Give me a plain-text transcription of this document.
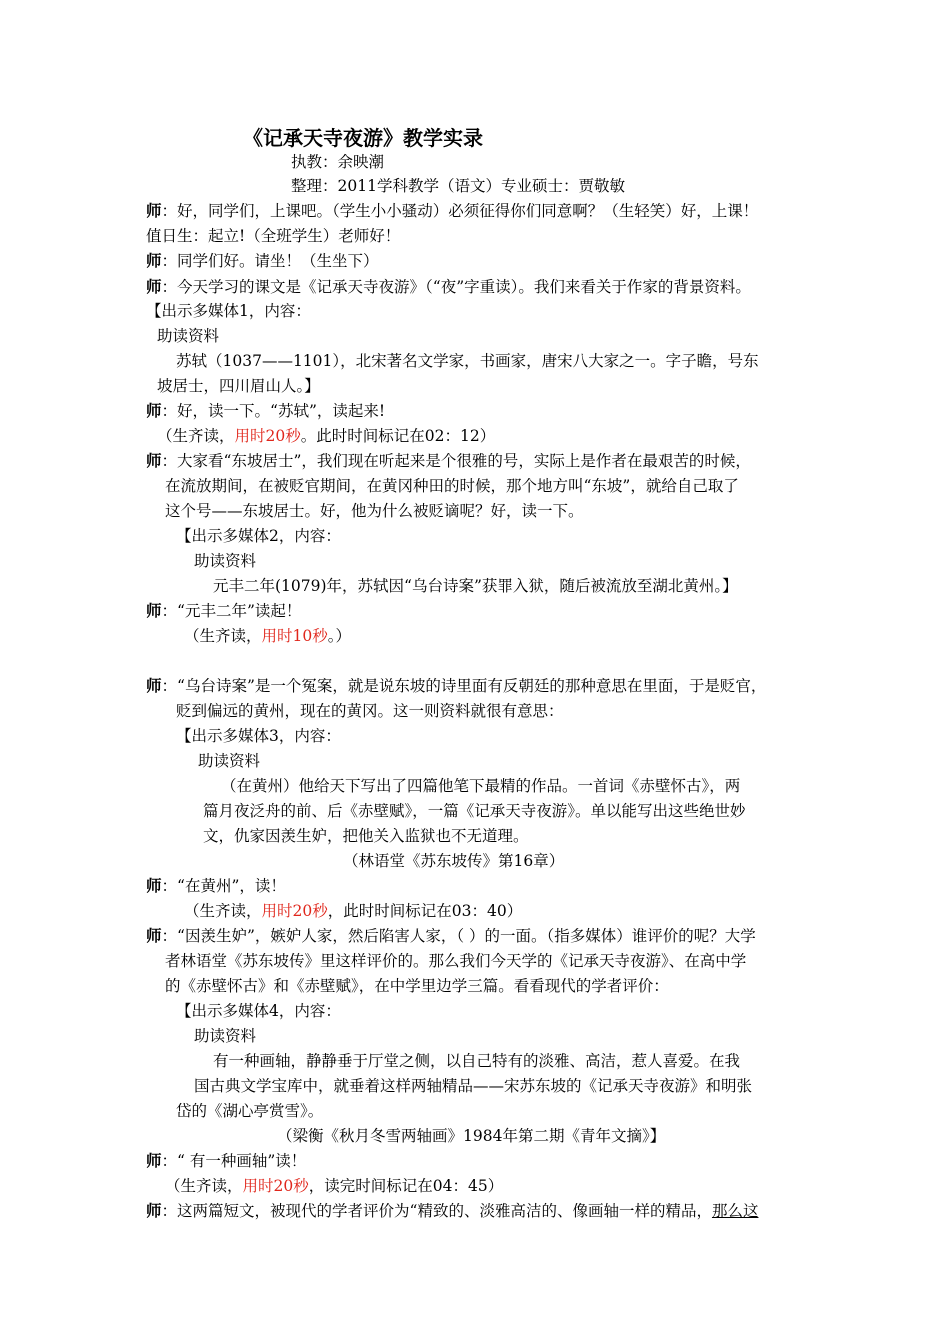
《记承天寺夜游》教学实录
执教：余映潮
整理：2011学科教学（语文）专业硕士：贾敬敏
师：好，同学们，上课吧。（学生小小骚动）必须征得你们同意啊？（生轻笑）好，上课！
值日生：起立!（全班学生）老师好！
师：同学们好。请坐！（生坐下）
师：今天学习的课文是《记承天寺夜游》（“夜”字重读）。我们来看关于作家的背景资料。
【出示多媒体1，内容：
助读资料
苏轼（1037——1101），北宋著名文学家，书画家，唐宋八大家之一。字子瞻，号东
坡居士，四川眉山人。】
师：好，读一下。“苏轼”，读起来!
（生齐读，用时20秒。此时时间标记在02：12）
师：大家看“东坡居士”，我们现在听起来是个很雅的号，实际上是作者在最艰苦的时候，
在流放期间，在被贬官期间，在黄冈种田的时候，那个地方叫“东坡”，就给自己取了
这个号——东坡居士。好，他为什么被贬谪呢？好，读一下。
【出示多媒体2，内容：
助读资料
元丰二年(1079)年，苏轼因“乌台诗案”获罪入狱，随后被流放至湖北黄州。】
师：“元丰二年”读起！
（生齐读，用时10秒。）
师：“乌台诗案”是一个冤案，就是说东坡的诗里面有反朝廷的那种意思在里面，于是贬官，
贬到偏远的黄州，现在的黄冈。这一则资料就很有意思：
【出示多媒体3，内容：
助读资料
（在黄州）他给天下写出了四篇他笔下最精的作品。一首词《赤壁怀古》，两
篇月夜泛舟的前、后《赤壁赋》，一篇《记承天寺夜游》。单以能写出这些绝世妙
文，仇家因羡生妒，把他关入监狱也不无道理。
（林语堂《苏东坡传》第16章）
师：“在黄州”，读！
（生齐读，用时20秒，此时时间标记在03：40）
师：“因羡生妒”，嫉妒人家，然后陷害人家，（ ）的一面。（指多媒体）谁评价的呢？大学
者林语堂《苏东坡传》里这样评价的。那么我们今天学的《记承天寺夜游》、在高中学
的《赤壁怀古》和《赤壁赋》，在中学里边学三篇。看看现代的学者评价：
【出示多媒体4，内容：
助读资料
有一种画轴，静静垂于厅堂之侧，以自己特有的淡雅、高洁，惹人喜爱。在我
国古典文学宝库中，就垂着这样两轴精品——宋苏东坡的《记承天寺夜游》和明张
岱的《湖心亭赏雪》。
（梁衡《秋月冬雪两轴画》1984年第二期《青年文摘》】
师：“ 有一种画轴”读！
（生齐读，用时20秒，读完时间标记在04：45）
师：这两篇短文，被现代的学者评价为“精致的、淡雅高洁的、像画轴一样的精品，那么这
